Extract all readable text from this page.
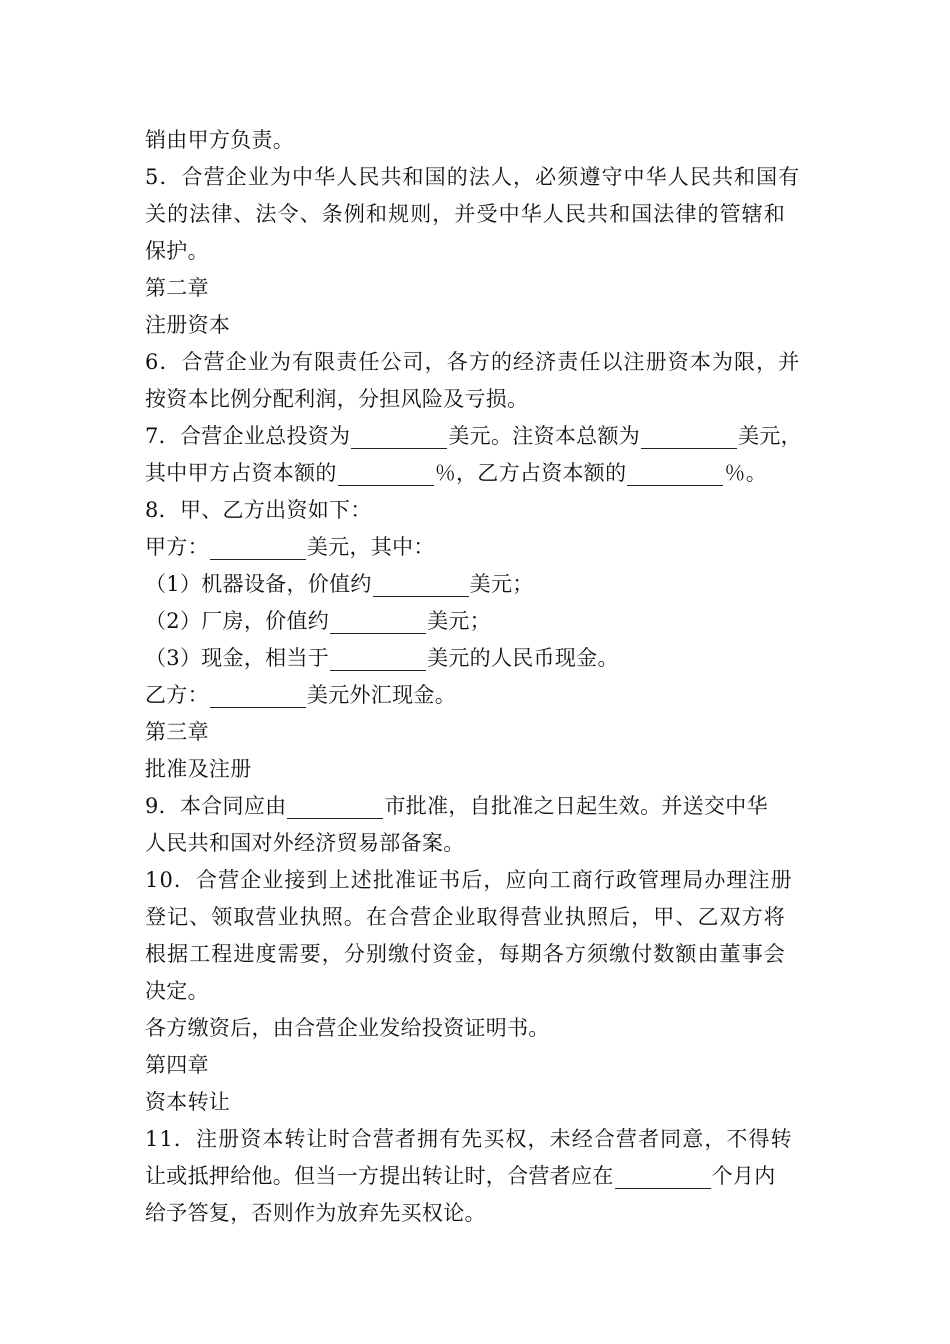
销由甲方负责。
5．合营企业为中华人民共和国的法人，必须遵守中华人民共和国有
关的法律、法令、条例和规则，并受中华人民共和国法律的管辖和
保护。
第二章
注册资本
6．合营企业为有限责任公司，各方的经济责任以注册资本为限，并
按资本比例分配利润，分担风险及亏损。
7．合营企业总投资为	美元。注资本总额为	美元，
其中甲方占资本额的	％，乙方占资本额的	％。
8．甲、乙方出资如下：
甲方：	美元，其中：
（1）机器设备，价值约	美元；
（2）厂房，价值约	美元；
（3）现金，相当于	美元的人民币现金。
乙方：	美元外汇现金。
第三章
批准及注册
9．本合同应由	市批准，自批准之日起生效。并送交中华
人民共和国对外经济贸易部备案。
10．合营企业接到上述批准证书后，应向工商行政管理局办理注册
登记、领取营业执照。在合营企业取得营业执照后，甲、乙双方将
根据工程进度需要，分别缴付资金，每期各方须缴付数额由董事会
决定。
各方缴资后，由合营企业发给投资证明书。
第四章
资本转让
11．注册资本转让时合营者拥有先买权，未经合营者同意，不得转
让或抵押给他。但当一方提出转让时，合营者应在	个月内
给予答复，否则作为放弃先买权论。
